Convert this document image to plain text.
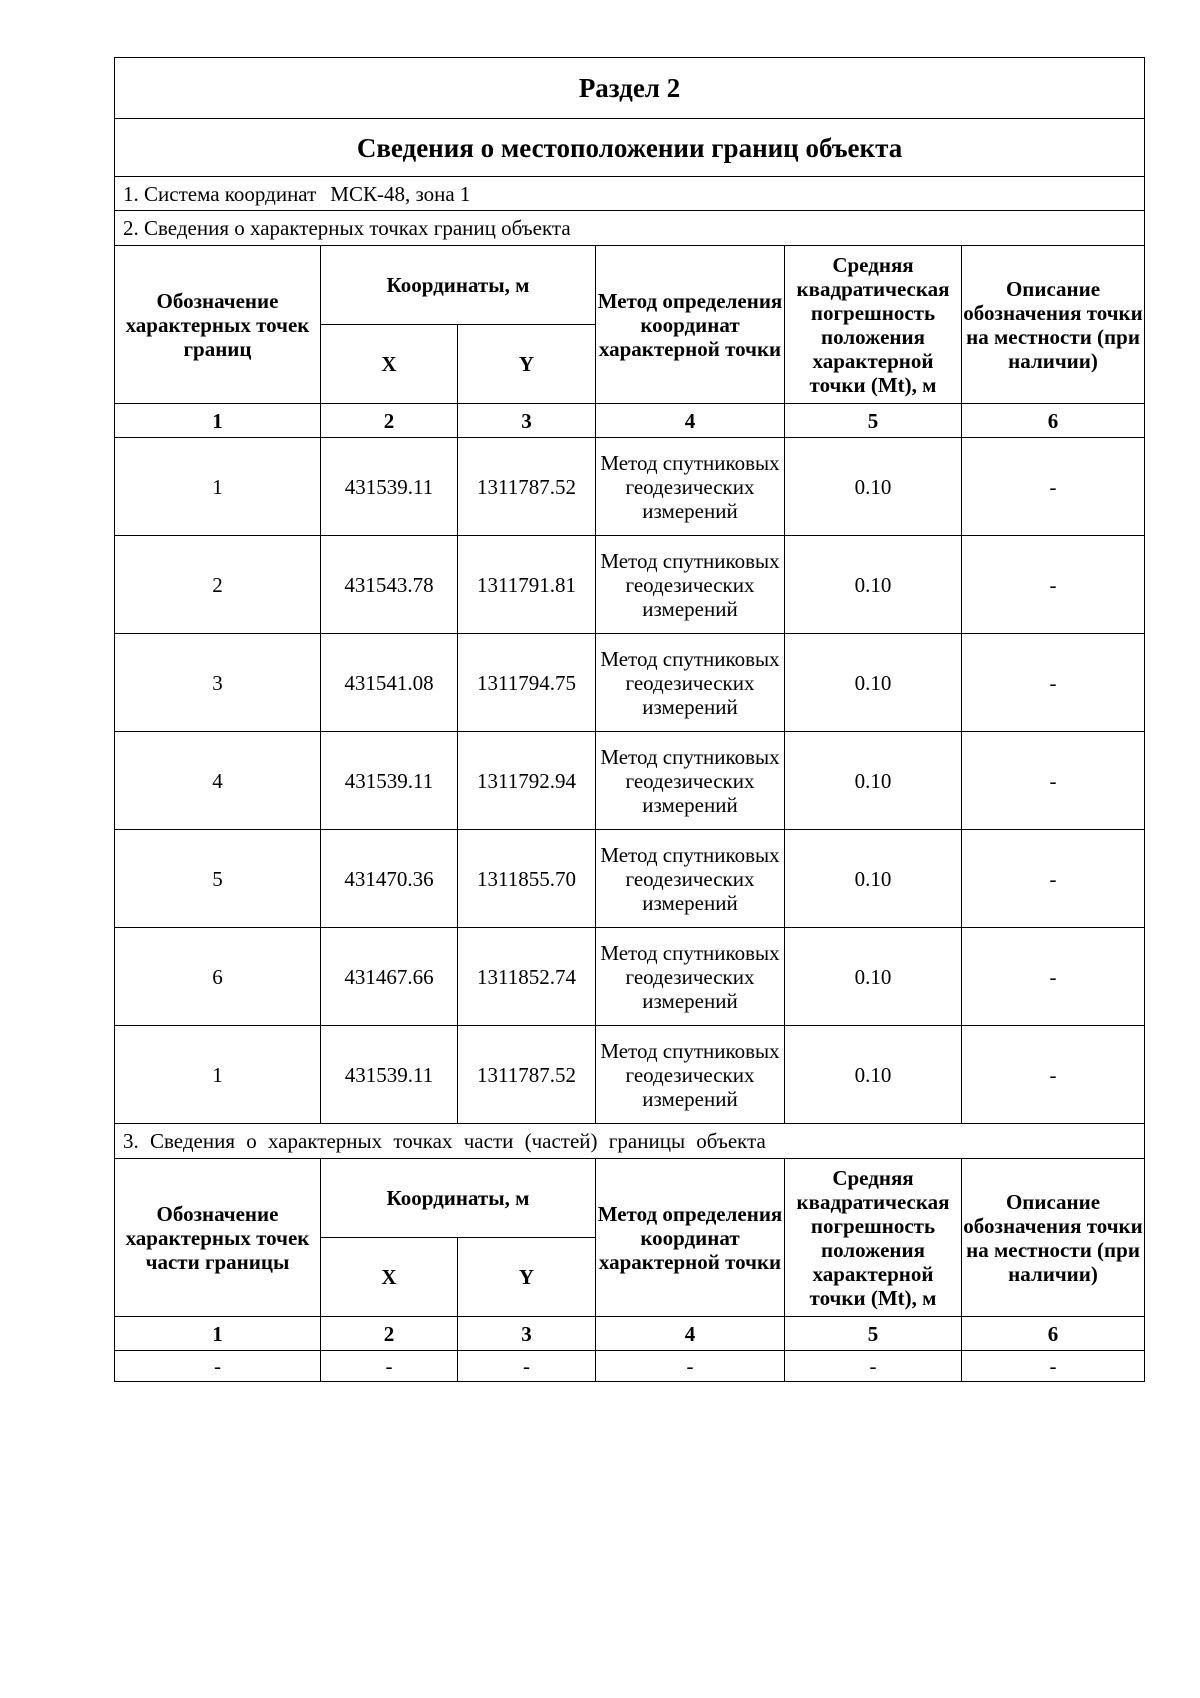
Раздел 2					
Сведения о местоположении границ объекта					
1. Система координат МСК-48, зона 1					
2. Сведения о характерных точках границ объекта					
Обозначение характерных точек границ	Координаты, м		Метод определения координат характерной точки	Средняя квадратическая погрешность положения характерной точки (Mt), м	Описание обозначения точки на местности (при наличии)
	X	Y			
1	2	3	4	5	6
1	431539.11	1311787.52	Метод спутниковых геодезических измерений	0.10	-
2	431543.78	1311791.81	Метод спутниковых геодезических измерений	0.10	-
3	431541.08	1311794.75	Метод спутниковых геодезических измерений	0.10	-
4	431539.11	1311792.94	Метод спутниковых геодезических измерений	0.10	-
5	431470.36	1311855.70	Метод спутниковых геодезических измерений	0.10	-
6	431467.66	1311852.74	Метод спутниковых геодезических измерений	0.10	-
1	431539.11	1311787.52	Метод спутниковых геодезических измерений	0.10	-
3. Сведения о характерных точках части (частей) границы объекта					
Обозначение характерных точек части границы	Координаты, м		Метод определения координат характерной точки	Средняя квадратическая погрешность положения характерной точки (Mt), м	Описание обозначения точки на местности (при наличии)
	X	Y			
1	2	3	4	5	6
-	-	-	-	-	-
